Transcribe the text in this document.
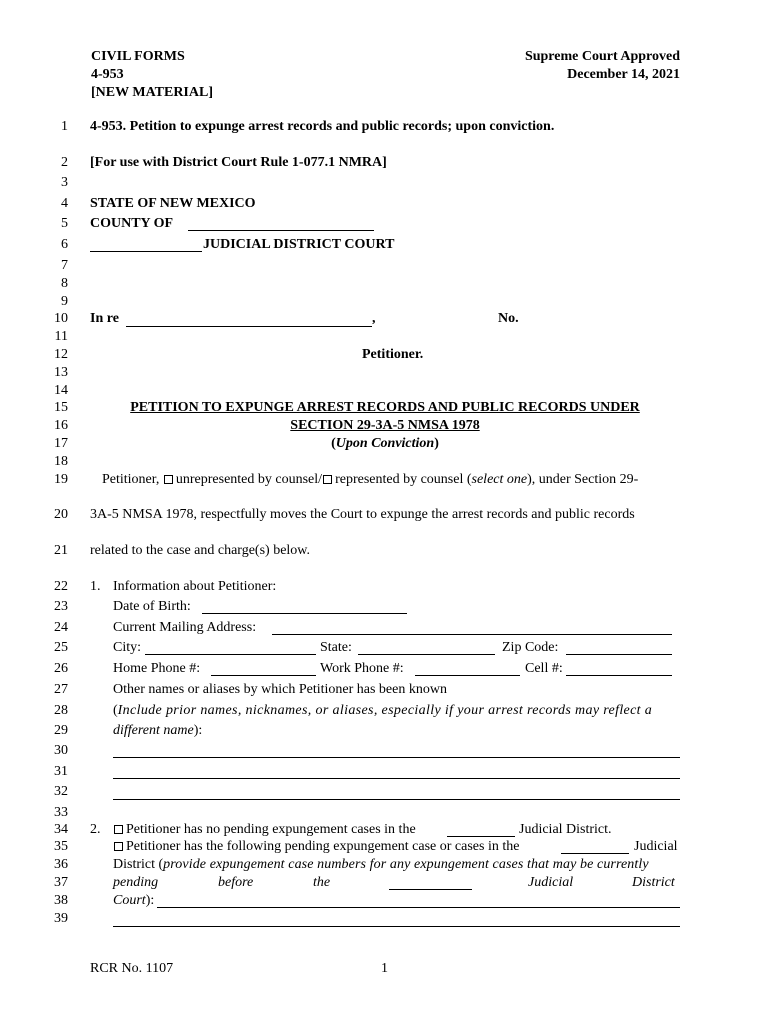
CIVIL FORMS
4-953
[NEW MATERIAL]
Supreme Court Approved
December 14, 2021
1
2
3
4
5
6
7
8
9
10
11
12
13
14
15
16
17
18
19
20
21
22
23
24
25
26
27
28
29
30
31
32
33
34
35
36
37
38
39
4-953. Petition to expunge arrest records and public records; upon conviction.
[For use with District Court Rule 1-077.1 NMRA]
STATE OF NEW MEXICO
COUNTY OF
JUDICIAL DISTRICT COURT
In re	,	No.
Petitioner.
PETITION TO EXPUNGE ARREST RECORDS AND PUBLIC RECORDS UNDER
SECTION 29-3A-5 NMSA 1978
(Upon Conviction)
Petitioner, unrepresented by counsel/ represented by counsel (select one), under Section 29-
3A-5 NMSA 1978, respectfully moves the Court to expunge the arrest records and public records
related to the case and charge(s) below.
1. Information about Petitioner:
Date of Birth:
Current Mailing Address:
City:	State:	Zip Code:
Home Phone #:	Work Phone #:	Cell #:
Other names or aliases by which Petitioner has been known
(Include prior names, nicknames, or aliases, especially if your arrest records may reflect a
different name):
2.	Petitioner has no pending expungement cases in the	Judicial District.
Petitioner has the following pending expungement case or cases in the	Judicial
District (provide expungement case numbers for any expungement cases that may be currently
pending	before	the	Judicial	District
Court):
RCR No. 1107	1
